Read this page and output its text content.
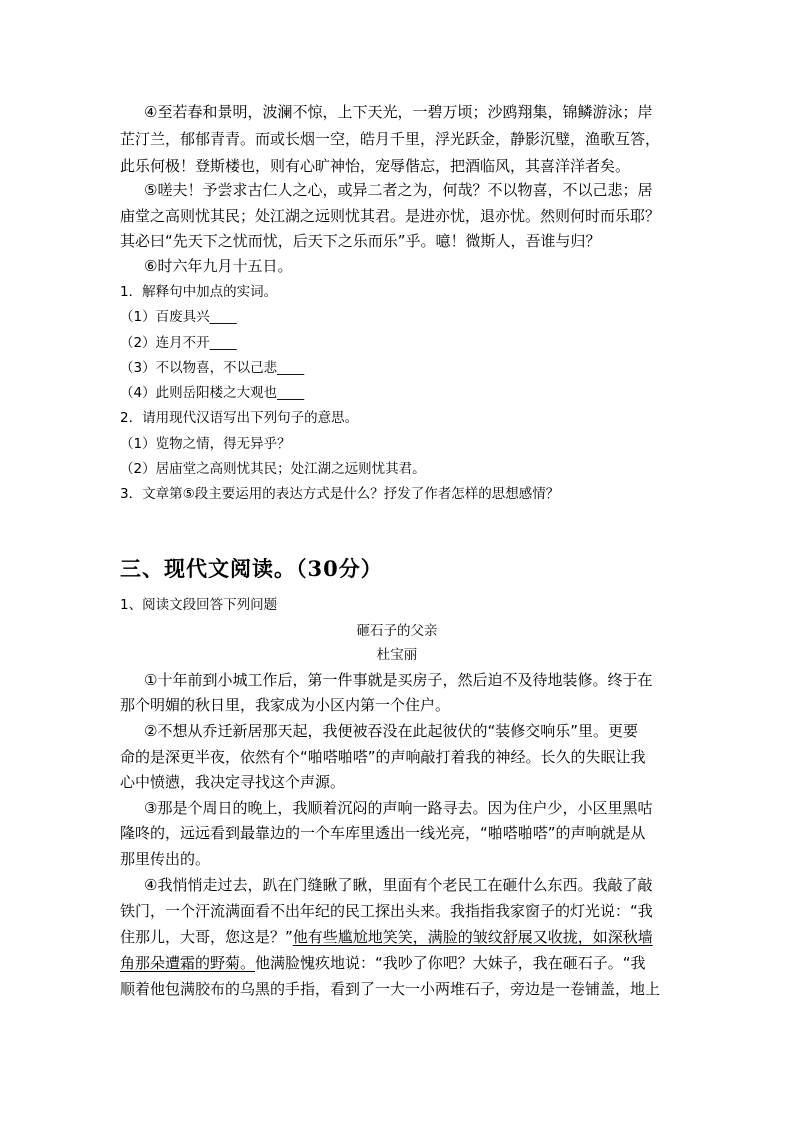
④至若春和景明，波澜不惊，上下天光，一碧万顷；沙鸥翔集，锦鳞游泳；岸
芷汀兰，郁郁青青。而或长烟一空，皓月千里，浮光跃金，静影沉璧，渔歌互答，
此乐何极！登斯楼也，则有心旷神怡，宠辱偕忘，把酒临风，其喜洋洋者矣。
⑤嗟夫！予尝求古仁人之心，或异二者之为，何哉？不以物喜，不以己悲；居
庙堂之高则忧其民；处江湖之远则忧其君。是进亦忧，退亦忧。然则何时而乐耶？
其必曰“先天下之忧而忧，后天下之乐而乐”乎。噫！微斯人，吾谁与归？
⑥时六年九月十五日。
1．解释句中加点的实词。
（1）百废具兴____
（2）连月不开____
（3）不以物喜，不以己悲____
（4）此则岳阳楼之大观也____
2．请用现代汉语写出下列句子的意思。
（1）览物之情，得无异乎？
（2）居庙堂之高则忧其民；处江湖之远则忧其君。
3．文章第⑤段主要运用的表达方式是什么？抒发了作者怎样的思想感情？
三、现代文阅读。（30分）
1、阅读文段回答下列问题
砸石子的父亲
杜宝丽
①十年前到小城工作后，第一件事就是买房子，然后迫不及待地装修。终于在
那个明媚的秋日里，我家成为小区内第一个住户。
②不想从乔迁新居那天起，我便被吞没在此起彼伏的“装修交响乐”里。更要
命的是深更半夜，依然有个“啪嗒啪嗒”的声响敲打着我的神经。长久的失眠让我
心中愤懑，我决定寻找这个声源。
③那是个周日的晚上，我顺着沉闷的声响一路寻去。因为住户少，小区里黑咕
隆咚的，远远看到最靠边的一个车库里透出一线光亮，“啪嗒啪嗒”的声响就是从
那里传出的。
④我悄悄走过去，趴在门缝瞅了瞅，里面有个老民工在砸什么东西。我敲了敲
铁门，一个汗流满面看不出年纪的民工探出头来。我指指我家窗子的灯光说：“我
住那儿，大哥，您这是？”他有些尴尬地笑笑，满脸的皱纹舒展又收拢，如深秋墙
角那朵遭霜的野菊。他满脸愧疚地说：“我吵了你吧？大妹子，我在砸石子。“我
顺着他包满胶布的乌黑的手指，看到了一大一小两堆石子，旁边是一卷铺盖，地上
